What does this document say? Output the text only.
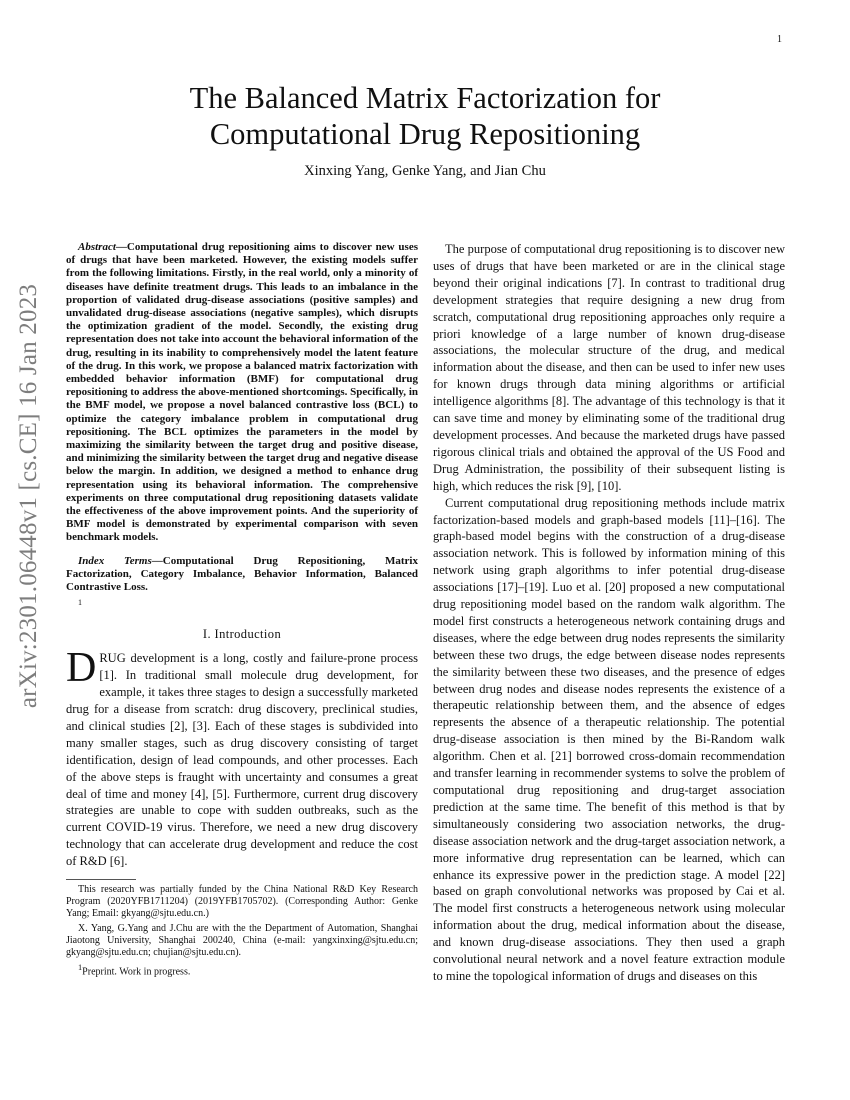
1
arXiv:2301.06448v1 [cs.CE] 16 Jan 2023
The Balanced Matrix Factorization for
Computational Drug Repositioning
Xinxing Yang, Genke Yang, and Jian Chu

Abstract—Computational drug repositioning aims to discover new uses of drugs that have been marketed. However, the existing models suffer from the following limitations. Firstly, in the real world, only a minority of diseases have definite treatment drugs. This leads to an imbalance in the proportion of validated drug-disease associations (positive samples) and unvalidated drug-disease associations (negative samples), which disrupts the optimization gradient of the model. Secondly, the existing drug representation does not take into account the behavioral information of the drug, resulting in its inability to comprehensively model the latent feature of the drug. In this work, we propose a balanced matrix factorization with embedded behavior information (BMF) for computational drug repositioning to address the above-mentioned shortcomings. Specifically, in the BMF model, we propose a novel balanced contrastive loss (BCL) to optimize the category imbalance problem in computational drug repositioning. The BCL optimizes the parameters in the model by maximizing the similarity between the target drug and positive disease, and minimizing the similarity between the target drug and negative disease below the margin. In addition, we designed a method to enhance drug representation using its behavioral information. The comprehensive experiments on three computational drug repositioning datasets validate the effectiveness of the above improvement points. And the superiority of BMF model is demonstrated by experimental comparison with seven benchmark models.

Index Terms—Computational Drug Repositioning, Matrix Factorization, Category Imbalance, Behavior Information, Balanced Contrastive Loss.

1

I. Introduction

DRUG development is a long, costly and failure-prone process [1]. In traditional small molecule drug development, for example, it takes three stages to design a successfully marketed drug for a disease from scratch: drug discovery, preclinical studies, and clinical studies [2], [3]. Each of these stages is subdivided into many smaller stages, such as drug discovery consisting of target identification, design of lead compounds, and other processes. Each of the above steps is fraught with uncertainty and consumes a great deal of time and money [4], [5]. Furthermore, current drug discovery strategies are unable to cope with sudden outbreaks, such as the current COVID-19 virus. Therefore, we need a new drug discovery technology that can accelerate drug development and reduce the cost of R&D [6].

This research was partially funded by the China National R&D Key Research Program (2020YFB1711204) (2019YFB1705702). (Corresponding Author: Genke Yang; Email: gkyang@sjtu.edu.cn.)

X. Yang, G.Yang and J.Chu are with the the Department of Automation, Shanghai Jiaotong University, Shanghai 200240, China (e-mail: yangxinxing@sjtu.edu.cn; gkyang@sjtu.edu.cn; chujian@sjtu.edu.cn).

$^1$Preprint. Work in progress.

The purpose of computational drug repositioning is to discover new uses of drugs that have been marketed or are in the clinical stage beyond their original indications [7]. In contrast to traditional drug development strategies that require designing a new drug from scratch, computational drug repositioning approaches only require a priori knowledge of a large number of known drug-disease associations, the molecular structure of the drug, and medical information about the disease, and then can be used to infer new uses for known drugs through data mining algorithms or artificial intelligence algorithms [8]. The advantage of this technology is that it can save time and money by eliminating some of the traditional drug development processes. And because the marketed drugs have passed rigorous clinical trials and obtained the approval of the US Food and Drug Administration, the possibility of their subsequent listing is high, which reduces the risk [9], [10].

Current computational drug repositioning methods include matrix factorization-based models and graph-based models [11]–[16]. The graph-based model begins with the construction of a drug-disease association network. This is followed by information mining of this network using graph algorithms to infer potential drug-disease associations [17]–[19]. Luo et al. [20] proposed a new computational drug repositioning model based on the random walk algorithm. The model first constructs a heterogeneous network containing drugs and diseases, where the edge between drug nodes represents the similarity between these two drugs, the edge between disease nodes represents the similarity between these two diseases, and the presence of edges between drug nodes and disease nodes represents the existence of a therapeutic relationship between them, and the absence of edges represents the absence of a therapeutic relationship. The potential drug-disease association is then mined by the Bi-Random walk algorithm. Chen et al. [21] borrowed cross-domain recommendation and transfer learning in recommender systems to solve the problem of computational drug repositioning and drug-target association prediction at the same time. The benefit of this method is that by simultaneously considering two association networks, the drug-disease association network and the drug-target association network, a more informative drug representation can be learned, which can enhance its expressive power in the prediction stage. A model [22] based on graph convolutional networks was proposed by Cai et al. The model first constructs a heterogeneous network using molecular information about the drug, medical information about the disease, and known drug-disease associations. They then used a graph convolutional neural network and a novel feature extraction module to mine the topological information of drugs and diseases on this
